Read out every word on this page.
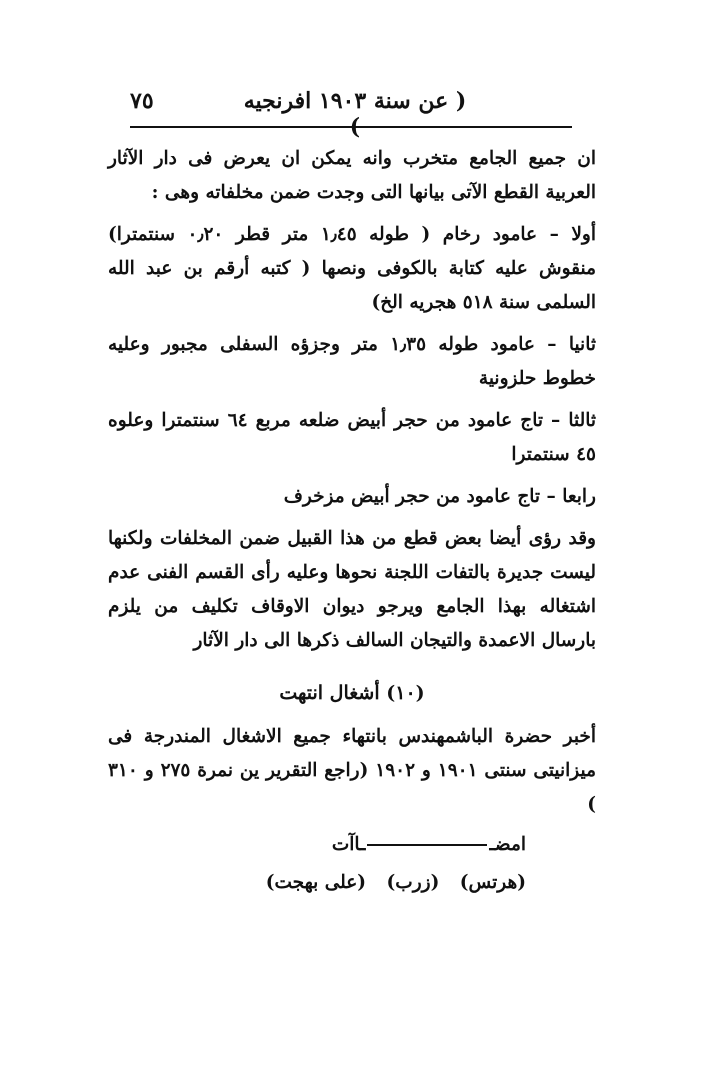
٧٥	( عن سنة ١٩٠٣ افرنجيه )

ان جميع الجامع متخرب وانه يمكن ان يعرض فى دار الآثار العربية القطع الآتى بيانها التى وجدت ضمن مخلفاته وهى :

أولا – عامود رخام ( طوله ١٫٤٥ متر قطر ٠٫٢٠ سنتمترا) منقوش عليه كتابة بالكوفى ونصها ( كتبه أرقم بن عبد الله السلمى سنة ٥١٨ هجريه الخ)

ثانيا – عامود طوله ١٫٣٥ متر وجزؤه السفلى مجبور وعليه خطوط حلزونية

ثالثا – تاج عامود من حجر أبيض ضلعه مربع ٦٤ سنتمترا وعلوه ٤٥ سنتمترا

رابعا – تاج عامود من حجر أبيض مزخرف

وقد رؤى أيضا بعض قطع من هذا القبيل ضمن المخلفات ولكنها ليست جديرة بالتفات اللجنة نحوها وعليه رأى القسم الفنى عدم اشتغاله بهذا الجامع ويرجو ديوان الاوقاف تكليف من يلزم بارسال الاعمدة والتيجان السالف ذكرها الى دار الآثار

(١٠) أشغال انتهت

أخبر حضرة الباشمهندس بانتهاء جميع الاشغال المندرجة فى ميزانيتى سنتى ١٩٠١ و ١٩٠٢ (راجع التقرير ين نمرة ٢٧٥ و ٣١٠ )

امضــاآت

(هرتس) (زرب) (على بهجت)
